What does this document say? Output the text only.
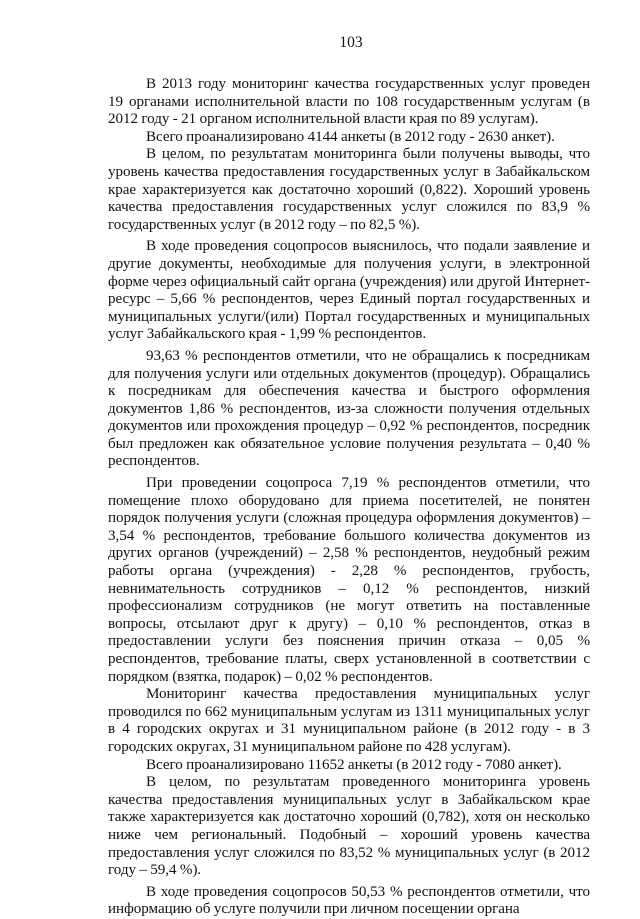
103

В 2013 году мониторинг качества государственных услуг проведен 19 органами исполнительной власти по 108 государственным услугам (в 2012 году - 21 органом исполнительной власти края по 89 услугам).

Всего проанализировано 4144 анкеты (в 2012 году - 2630 анкет).

В целом, по результатам мониторинга были получены выводы, что уровень качества предоставления государственных услуг в Забайкальском крае характеризуется как достаточно хороший (0,822). Хороший уровень качества предоставления государственных услуг сложился по 83,9 % государственных услуг (в 2012 году – по 82,5 %).

В ходе проведения соцопросов выяснилось, что подали заявление и другие документы, необходимые для получения услуги, в электронной форме через официальный сайт органа (учреждения) или другой Интернет-ресурс – 5,66 % респондентов, через Единый портал государственных и муниципальных услуги/(или) Портал государственных и муниципальных услуг Забайкальского края - 1,99 % респондентов.

93,63 % респондентов отметили, что не обращались к посредникам для получения услуги или отдельных документов (процедур). Обращались к посредникам для обеспечения качества и быстрого оформления документов 1,86 % респондентов, из-за сложности получения отдельных документов или прохождения процедур – 0,92 % респондентов, посредник был предложен как обязательное условие получения результата – 0,40 % респондентов.

При проведении соцопроса 7,19 % респондентов отметили, что помещение плохо оборудовано для приема посетителей, не понятен порядок получения услуги (сложная процедура оформления документов) – 3,54 % респондентов, требование большого количества документов из других органов (учреждений) – 2,58 % респондентов, неудобный режим работы органа (учреждения) - 2,28 % респондентов, грубость, невнимательность сотрудников – 0,12 % респондентов, низкий профессионализм сотрудников (не могут ответить на поставленные вопросы, отсылают друг к другу) – 0,10 % респондентов, отказ в предоставлении услуги без пояснения причин отказа – 0,05 % респондентов, требование платы, сверх установленной в соответствии с порядком (взятка, подарок) – 0,02 % респондентов.

Мониторинг качества предоставления муниципальных услуг проводился по 662 муниципальным услугам из 1311 муниципальных услуг в 4 городских округах и 31 муниципальном районе (в 2012 году - в 3 городских округах, 31 муниципальном районе по 428 услугам).

Всего проанализировано 11652 анкеты (в 2012 году - 7080 анкет).

В целом, по результатам проведенного мониторинга уровень качества предоставления муниципальных услуг в Забайкальском крае также характеризуется как достаточно хороший (0,782), хотя он несколько ниже чем региональный. Подобный – хороший уровень качества предоставления услуг сложился по 83,52 % муниципальных услуг (в 2012 году – 59,4 %).

В ходе проведения соцопросов 50,53 % респондентов отметили, что информацию об услуге получили при личном посещении органа
